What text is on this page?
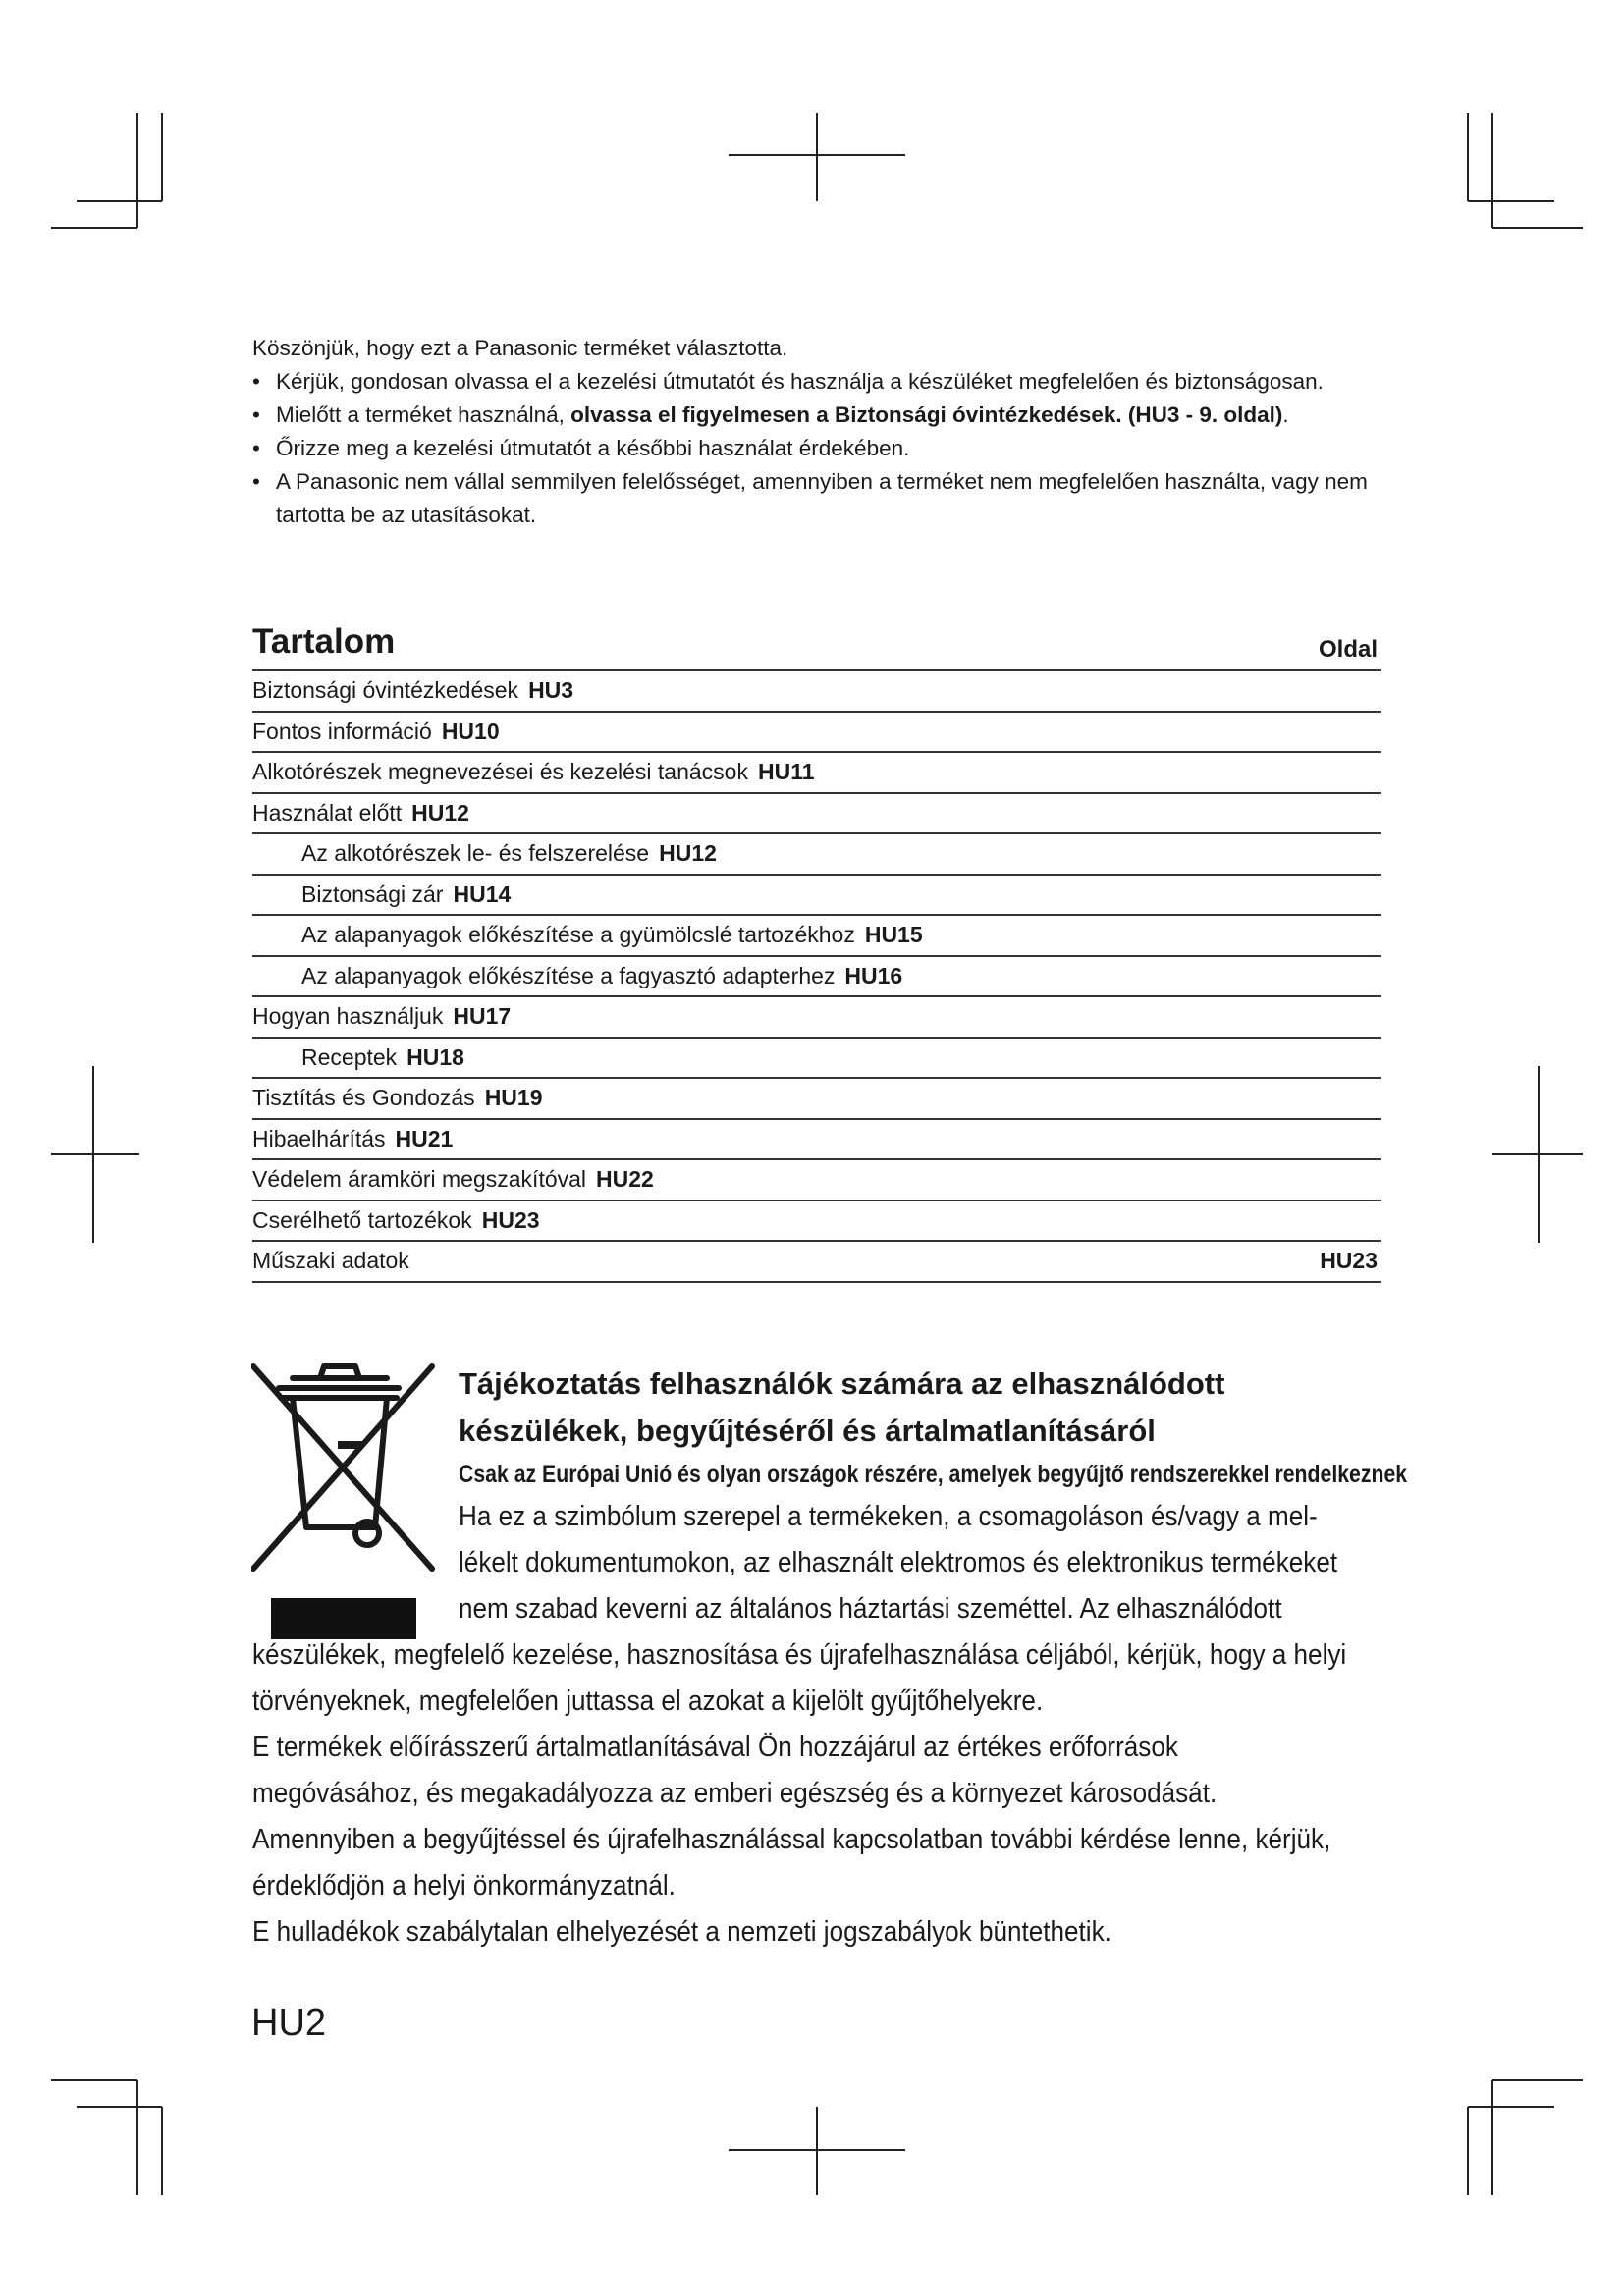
Köszönjük, hogy ezt a Panasonic terméket választotta.

• Kérjük, gondosan olvassa el a kezelési útmutatót és használja a készüléket megfelelően és biztonságosan.
• Mielőtt a terméket használná, olvassa el figyelmesen a Biztonsági óvintézkedések. (HU3 - 9. oldal).
• Őrizze meg a kezelési útmutatót a későbbi használat érdekében.
• A Panasonic nem vállal semmilyen felelősséget, amennyiben a terméket nem megfelelően használta, vagy nem tartotta be az utasításokat.
Tartalom	Oldal
Biztonsági óvintézkedések HU3
Fontos információ HU10
Alkotórészek megnevezései és kezelési tanácsok HU11
Használat előtt HU12
Az alkotórészek le- és felszerelése HU12
Biztonsági zár HU14
Az alapanyagok előkészítése a gyümölcslé tartozékhoz HU15
Az alapanyagok előkészítése a fagyasztó adapterhez HU16
Hogyan használjuk HU17
Receptek HU18
Tisztítás és Gondozás HU19
Hibaelhárítás HU21
Védelem áramköri megszakítóval HU22
Cserélhető tartozékok HU23
Műszaki adatok	HU23
Tájékoztatás felhasználók számára az elhasználódott
készülékek, begyűjtéséről és ártalmatlanításáról
Csak az Európai Unió és olyan országok részére, amelyek begyűjtő rendszerekkel rendelkeznek
Ha ez a szimbólum szerepel a termékeken, a csomagoláson és/vagy a mel-
lékelt dokumentumokon, az elhasznált elektromos és elektronikus termékeket
nem szabad keverni az általános háztartási szeméttel. Az elhasználódott
készülékek, megfelelő kezelése, hasznosítása és újrafelhasználása céljából, kérjük, hogy a helyi
törvényeknek, megfelelően juttassa el azokat a kijelölt gyűjtőhelyekre.
E termékek előírásszerű ártalmatlanításával Ön hozzájárul az értékes erőforrások
megóvásához, és megakadályozza az emberi egészség és a környezet károsodását.
Amennyiben a begyűjtéssel és újrafelhasználással kapcsolatban további kérdése lenne, kérjük,
érdeklődjön a helyi önkormányzatnál.
E hulladékok szabálytalan elhelyezését a nemzeti jogszabályok büntethetik.
HU2
